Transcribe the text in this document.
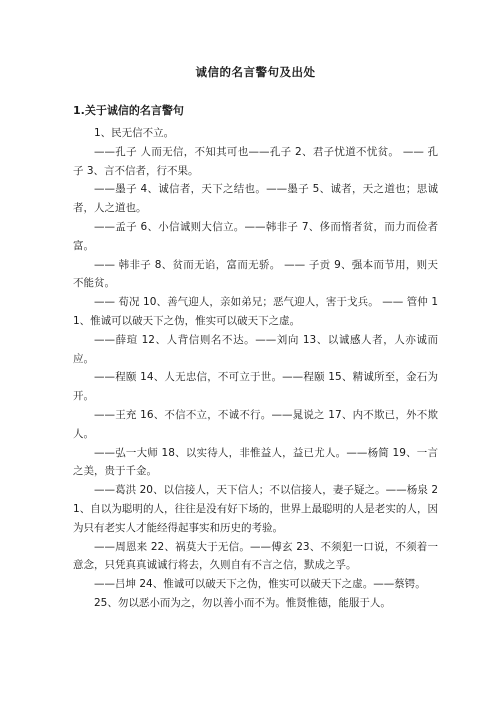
诚信的名言警句及出处
1.关于诚信的名言警句

1、民无信不立。

——孔子 人而无信，不知其可也——孔子 2、君子忧道不忧贫。 —— 孔子 3、言不信者，行不果。

——墨子 4、诚信者，天下之结也。——墨子 5、诚者，天之道也；思诚者，人之道也。

——孟子 6、小信诚则大信立。——韩非子 7、侈而惰者贫，而力而俭者富。

—— 韩非子 8、贫而无谄，富而无骄。 —— 子贡 9、强本而节用，则天不能贫。

—— 荀况 10、善气迎人，亲如弟兄；恶气迎人，害于戈兵。 —— 管仲 11、惟诚可以破天下之伪，惟实可以破天下之虚。

——薛瑄 12、人背信则名不达。——刘向 13、以诚感人者，人亦诚而应。

——程颐 14、人无忠信，不可立于世。——程颐 15、精诚所至，金石为开。

——王充 16、不信不立，不诚不行。——晁说之 17、内不欺已，外不欺人。

——弘一大师 18、以实待人，非惟益人，益已尤人。——杨简 19、一言之美，贵于千金。

——葛洪 20、以信接人，天下信人；不以信接人，妻子疑之。——杨泉 21、自以为聪明的人，往往是没有好下场的，世界上最聪明的人是老实的人，因为只有老实人才能经得起事实和历史的考验。

——周恩来 22、祸莫大于无信。——傅玄 23、不须犯一口说，不须着一意念，只凭真真诚诚行将去，久则自有不言之信，默成之孚。

——吕坤 24、惟诚可以破天下之伪，惟实可以破天下之虚。——蔡锷。

25、勿以恶小而为之，勿以善小而不为。惟贤惟德，能服于人。
